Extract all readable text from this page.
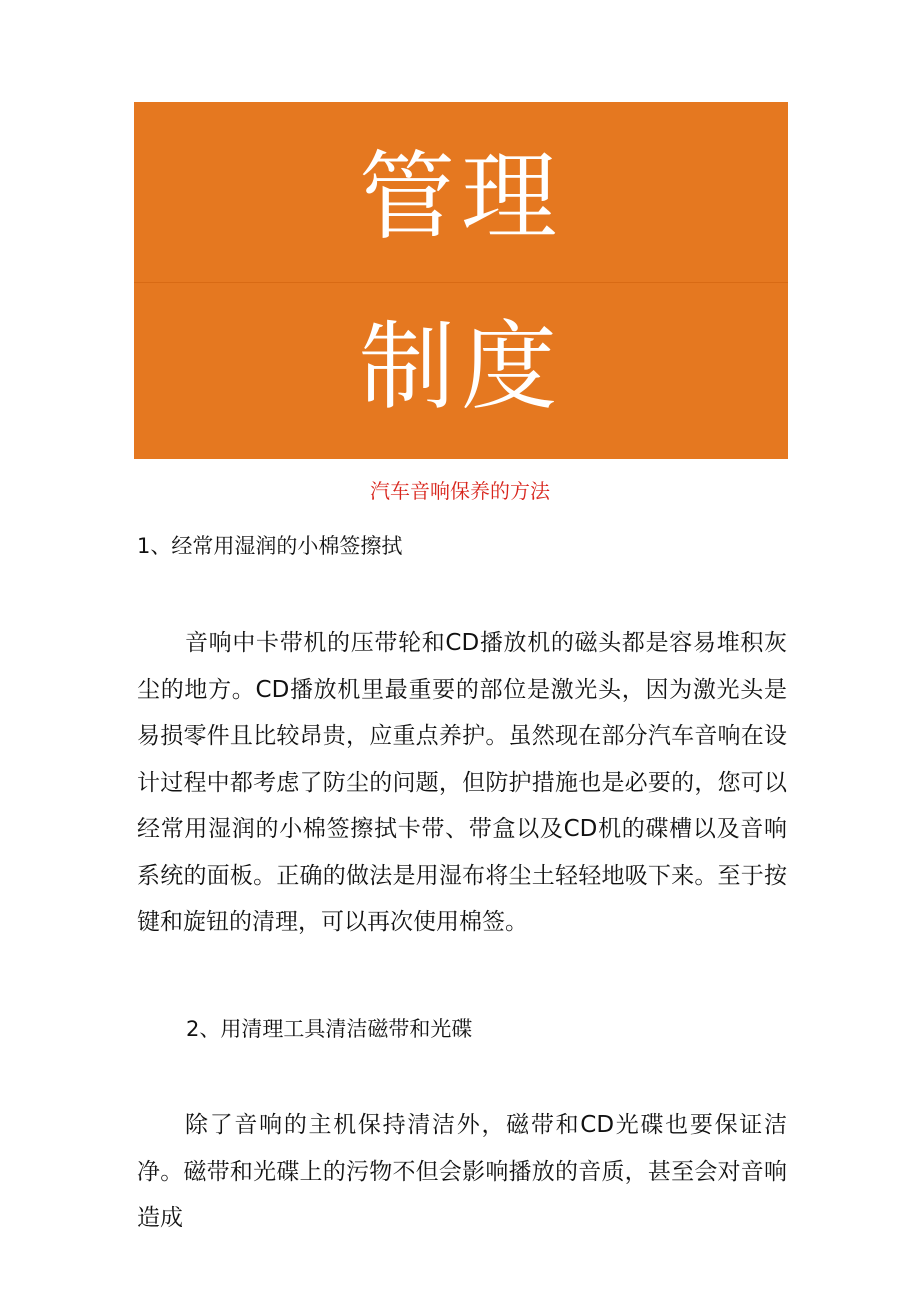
管理
制度
汽车音响保养的方法
1、经常用湿润的小棉签擦拭

音响中卡带机的压带轮和CD播放机的磁头都是容易堆积灰尘的地方。CD播放机里最重要的部位是激光头，因为激光头是易损零件且比较昂贵，应重点养护。虽然现在部分汽车音响在设计过程中都考虑了防尘的问题，但防护措施也是必要的，您可以经常用湿润的小棉签擦拭卡带、带盒以及CD机的碟槽以及音响系统的面板。正确的做法是用湿布将尘土轻轻地吸下来。至于按键和旋钮的清理，可以再次使用棉签。

2、用清理工具清洁磁带和光碟

除了音响的主机保持清洁外，磁带和CD光碟也要保证洁净。磁带和光碟上的污物不但会影响播放的音质，甚至会对音响造成
